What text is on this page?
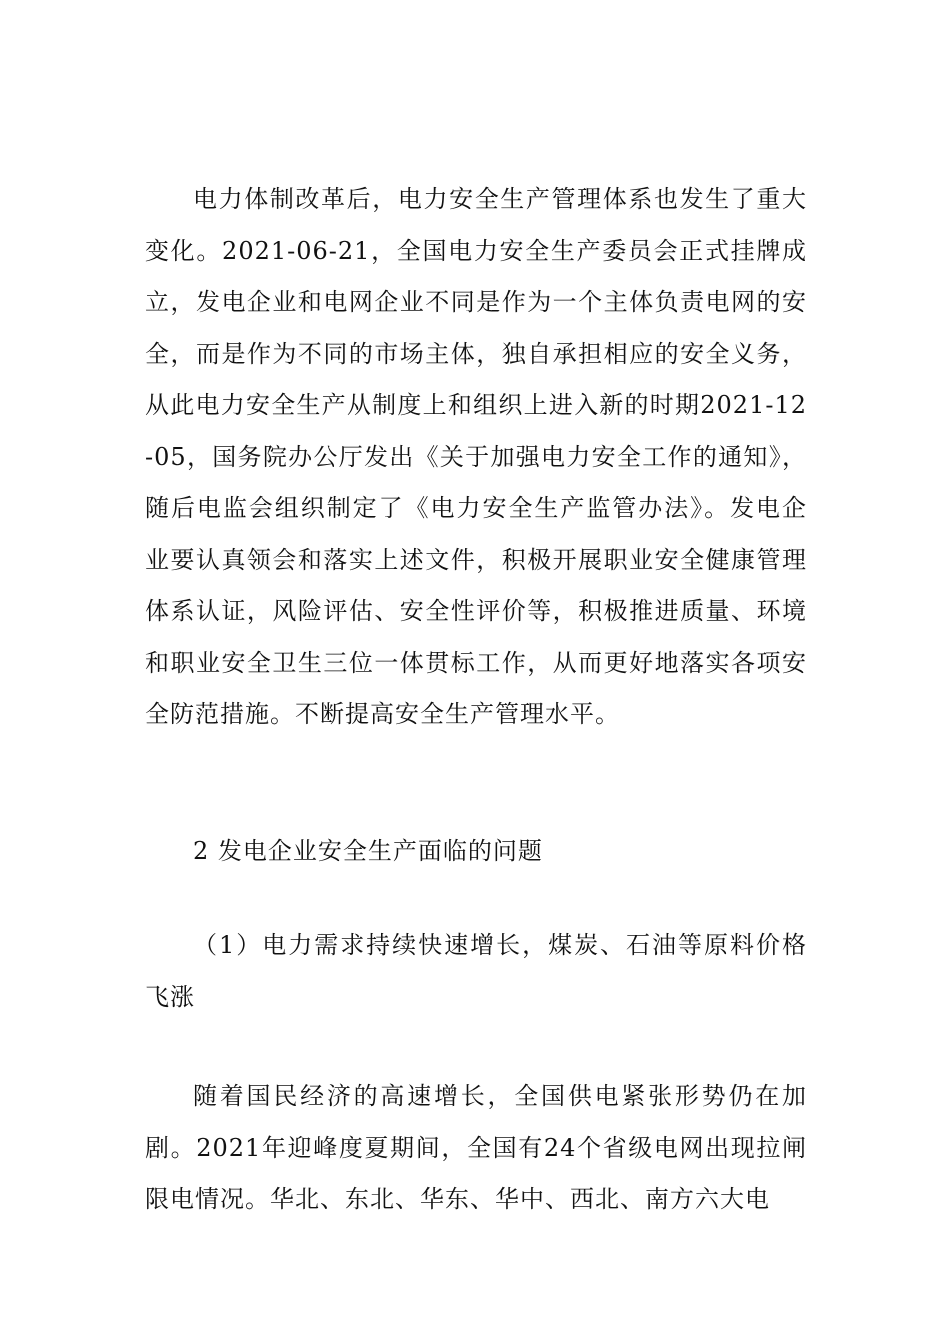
电力体制改革后，电力安全生产管理体系也发生了重大变化。2021-06-21，全国电力安全生产委员会正式挂牌成立，发电企业和电网企业不同是作为一个主体负责电网的安全，而是作为不同的市场主体，独自承担相应的安全义务，从此电力安全生产从制度上和组织上进入新的时期2021-12-05，国务院办公厅发出《关于加强电力安全工作的通知》，随后电监会组织制定了《电力安全生产监管办法》。发电企业要认真领会和落实上述文件，积极开展职业安全健康管理体系认证，风险评估、安全性评价等，积极推进质量、环境和职业安全卫生三位一体贯标工作，从而更好地落实各项安全防范措施。不断提高安全生产管理水平。

2 发电企业安全生产面临的问题
（1）电力需求持续快速增长，煤炭、石油等原料价格飞涨

随着国民经济的高速增长，全国供电紧张形势仍在加剧。2021年迎峰度夏期间，全国有24个省级电网出现拉闸限电情况。华北、东北、华东、华中、西北、南方六大电
